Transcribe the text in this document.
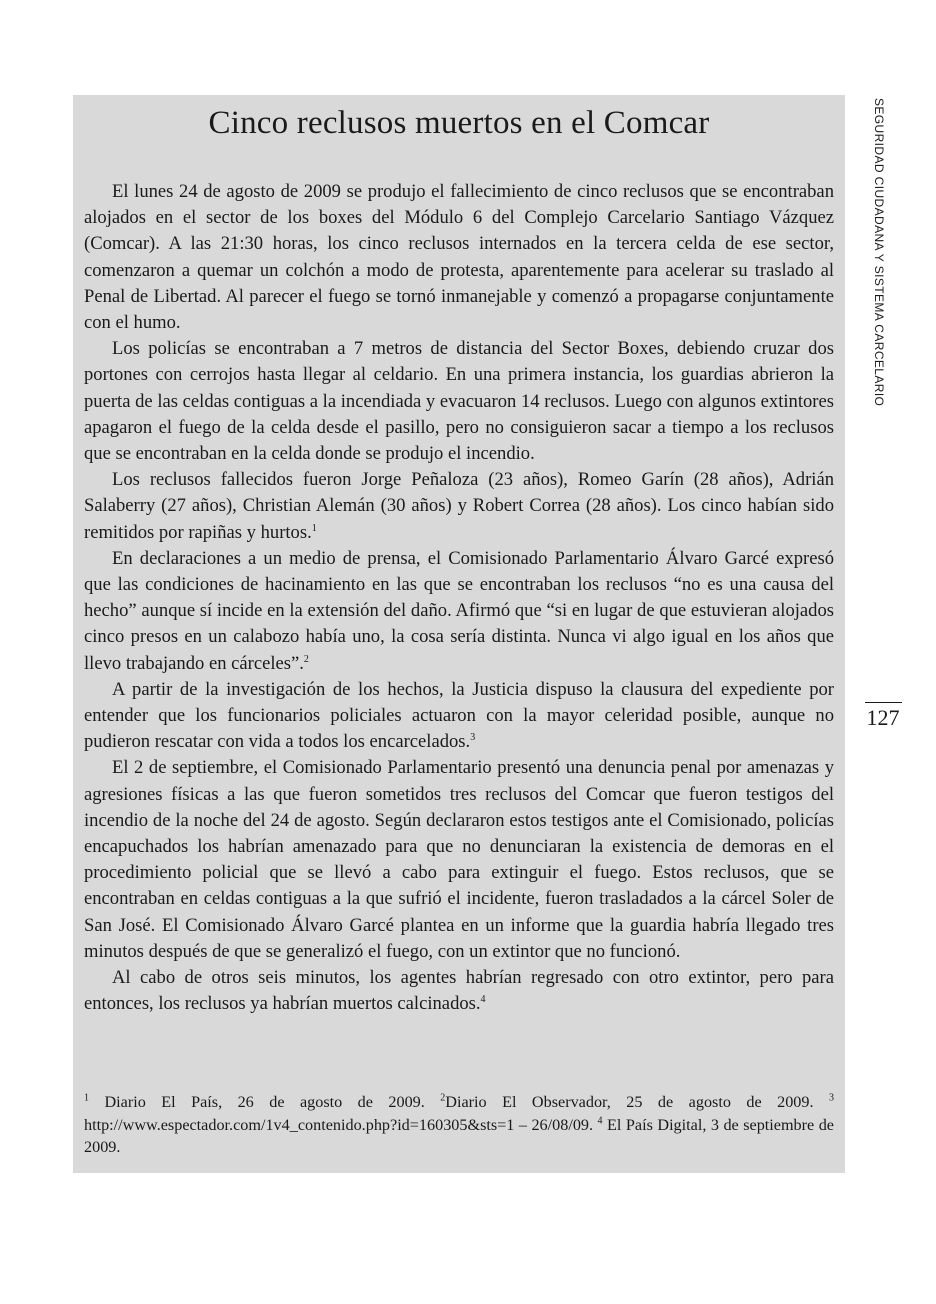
Cinco reclusos muertos en el Comcar

El lunes 24 de agosto de 2009 se produjo el fallecimiento de cinco reclusos que se encontraban alojados en el sector de los boxes del Módulo 6 del Complejo Carcelario Santiago Vázquez (Comcar). A las 21:30 horas, los cinco reclusos internados en la tercera celda de ese sector, comenzaron a quemar un colchón a modo de protesta, aparentemente para acelerar su traslado al Penal de Libertad. Al parecer el fuego se tornó inmanejable y comenzó a propagarse conjuntamente con el humo.

Los policías se encontraban a 7 metros de distancia del Sector Boxes, debiendo cruzar dos portones con cerrojos hasta llegar al celdario. En una primera instancia, los guardias abrieron la puerta de las celdas contiguas a la incendiada y evacuaron 14 reclusos. Luego con algunos extintores apagaron el fuego de la celda desde el pasillo, pero no consiguieron sacar a tiempo a los reclusos que se encontraban en la celda donde se produjo el incendio.

Los reclusos fallecidos fueron Jorge Peñaloza (23 años), Romeo Garín (28 años), Adrián Salaberry (27 años), Christian Alemán (30 años) y Robert Correa (28 años). Los cinco habían sido remitidos por rapiñas y hurtos.$^1$

En declaraciones a un medio de prensa, el Comisionado Parlamentario Álvaro Garcé expresó que las condiciones de hacinamiento en las que se encontraban los reclusos “no es una causa del hecho” aunque sí incide en la extensión del daño. Afirmó que “si en lugar de que estuvieran alojados cinco presos en un calabozo había uno, la cosa sería distinta. Nunca vi algo igual en los años que llevo trabajando en cárceles”.$^2$

A partir de la investigación de los hechos, la Justicia dispuso la clausura del expediente por entender que los funcionarios policiales actuaron con la mayor celeridad posible, aunque no pudieron rescatar con vida a todos los encarcelados.$^3$

El 2 de septiembre, el Comisionado Parlamentario presentó una denuncia penal por amenazas y agresiones físicas a las que fueron sometidos tres reclusos del Comcar que fueron testigos del incendio de la noche del 24 de agosto. Según declararon estos testigos ante el Comisionado, policías encapuchados los habrían amenazado para que no denunciaran la existencia de demoras en el procedimiento policial que se llevó a cabo para extinguir el fuego. Estos reclusos, que se encontraban en celdas contiguas a la que sufrió el incidente, fueron trasladados a la cárcel Soler de San José. El Comisionado Álvaro Garcé plantea en un informe que la guardia habría llegado tres minutos después de que se generalizó el fuego, con un extintor que no funcionó.

Al cabo de otros seis minutos, los agentes habrían regresado con otro extintor, pero para entonces, los reclusos ya habrían muertos calcinados.$^4$

$^1$ Diario El País, 26 de agosto de 2009. $^2$Diario El Observador, 25 de agosto de 2009. $^3$ http://www.espectador.com/1v4_contenido.php?id=160305&sts=1 – 26/08/09. $^4$ El País Digital, 3 de septiembre de 2009.
SEGURIDAD CIUDADANA Y SISTEMA CARCELARIO
127
